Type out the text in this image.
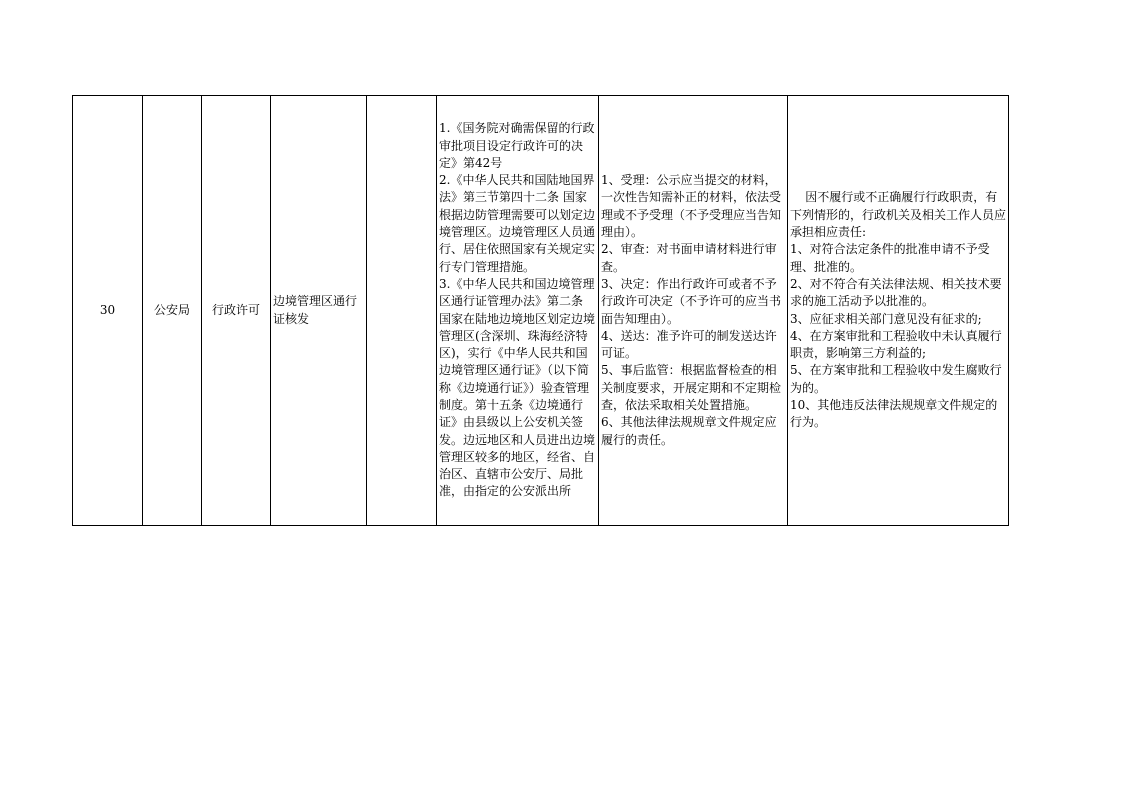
30	公安局	行政许可	边境管理区通行证核发		1.《国务院对确需保留的行政审批项目设定行政许可的决定》第42号
2.《中华人民共和国陆地国界法》第三节第四十二条 国家根据边防管理需要可以划定边境管理区。边境管理区人员通行、居住依照国家有关规定实行专门管理措施。
3.《中华人民共和国边境管理区通行证管理办法》第二条 国家在陆地边境地区划定边境管理区(含深圳、珠海经济特区)，实行《中华人民共和国边境管理区通行证》（以下简称《边境通行证》）验查管理制度。第十五条《边境通行证》由县级以上公安机关签发。边远地区和人员进出边境管理区较多的地区，经省、自治区、直辖市公安厅、局批准，由指定的公安派出所	1、受理：公示应当提交的材料，一次性告知需补正的材料，依法受理或不予受理（不予受理应当告知理由）。
2、审查：对书面申请材料进行审查。
3、决定：作出行政许可或者不予行政许可决定（不予许可的应当书面告知理由）。
4、送达：准予许可的制发送达许可证。
5、事后监管：根据监督检查的相关制度要求，开展定期和不定期检查，依法采取相关处置措施。
6、其他法律法规规章文件规定应履行的责任。	因不履行或不正确履行行政职责，有下列情形的，行政机关及相关工作人员应承担相应责任:
1、对符合法定条件的批准申请不予受理、批准的。
2、对不符合有关法律法规、相关技术要求的施工活动予以批准的。
3、应征求相关部门意见没有征求的;
4、在方案审批和工程验收中未认真履行职责，影响第三方利益的;
5、在方案审批和工程验收中发生腐败行为的。
10、其他违反法律法规规章文件规定的行为。
